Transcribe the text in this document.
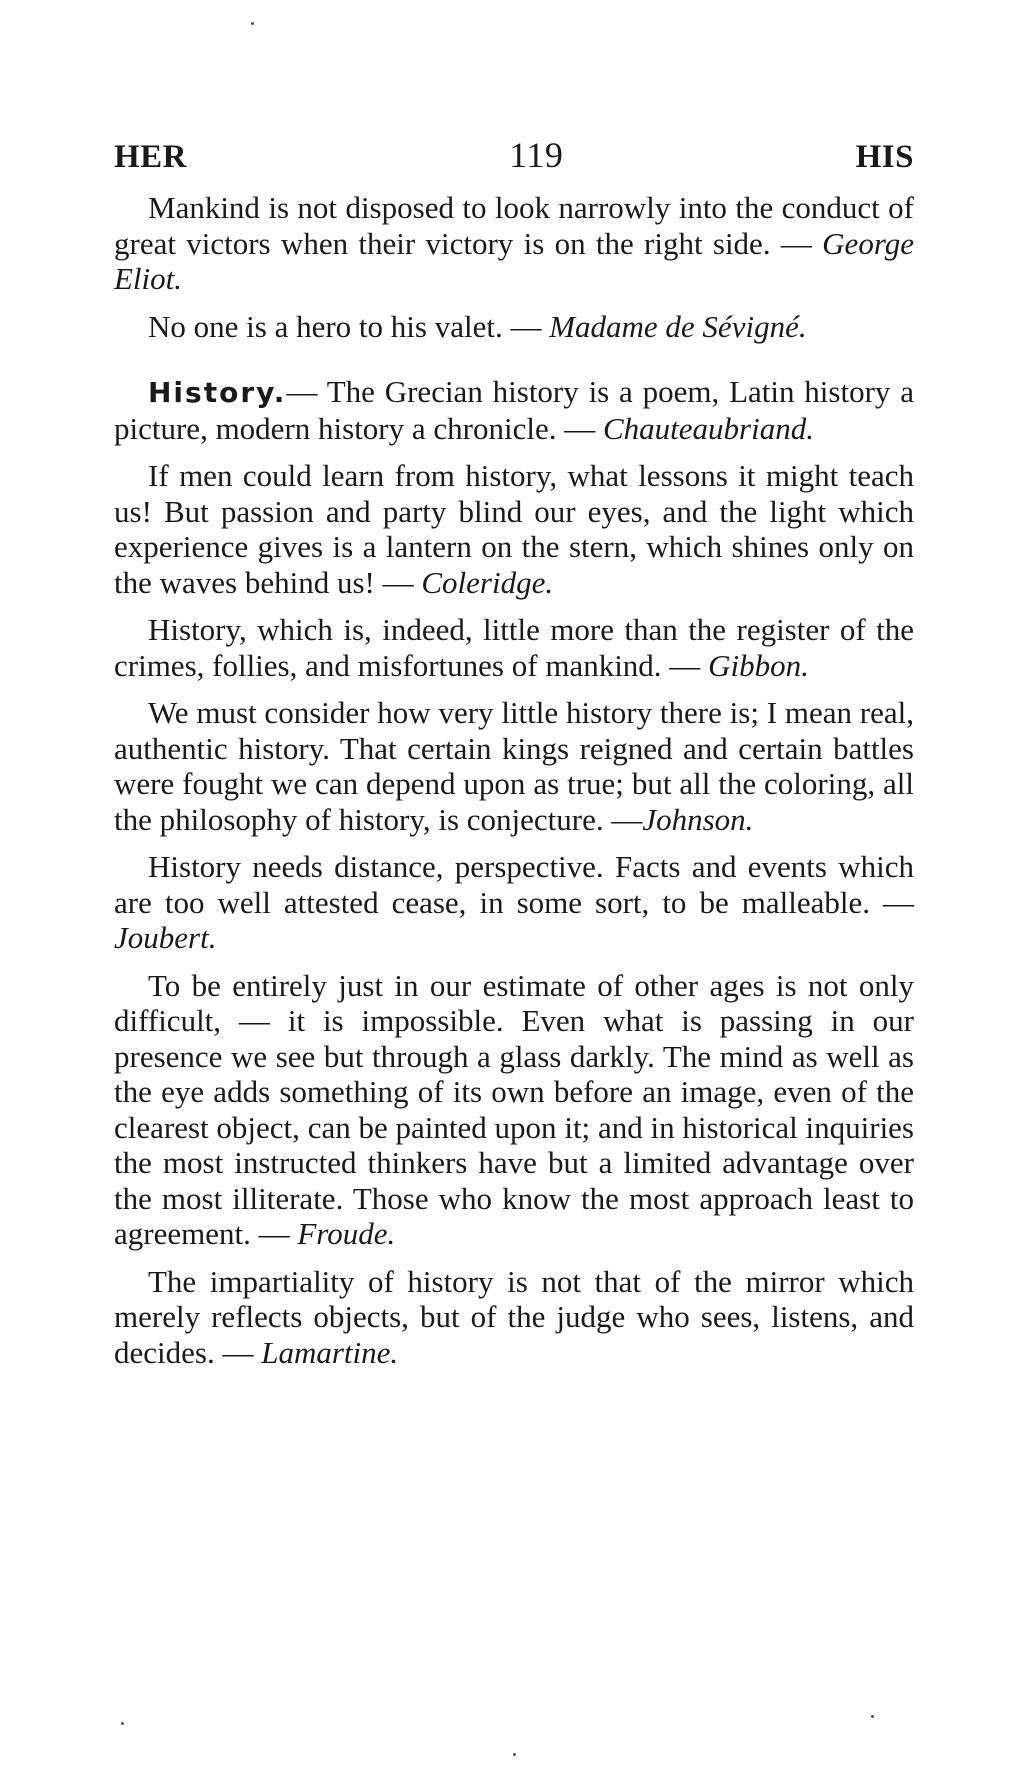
HER	119	HIS

Mankind is not disposed to look narrowly into the conduct of great victors when their victory is on the right side. — George Eliot.

No one is a hero to his valet. — Madame de Sévigné.

History.— The Grecian history is a poem, Latin history a picture, modern history a chronicle. — Chauteaubriand.

If men could learn from history, what lessons it might teach us! But passion and party blind our eyes, and the light which experience gives is a lantern on the stern, which shines only on the waves behind us! — Coleridge.

History, which is, indeed, little more than the register of the crimes, follies, and misfortunes of mankind. — Gibbon.

We must consider how very little history there is; I mean real, authentic history. That certain kings reigned and certain battles were fought we can depend upon as true; but all the coloring, all the philosophy of history, is conjecture. —Johnson.

History needs distance, perspective. Facts and events which are too well attested cease, in some sort, to be malleable. — Joubert.

To be entirely just in our estimate of other ages is not only difficult, — it is impossible. Even what is passing in our presence we see but through a glass darkly. The mind as well as the eye adds something of its own before an image, even of the clearest object, can be painted upon it; and in historical inquiries the most instructed thinkers have but a limited advantage over the most illiterate. Those who know the most approach least to agreement. — Froude.

The impartiality of history is not that of the mirror which merely reflects objects, but of the judge who sees, listens, and decides. — Lamartine.
